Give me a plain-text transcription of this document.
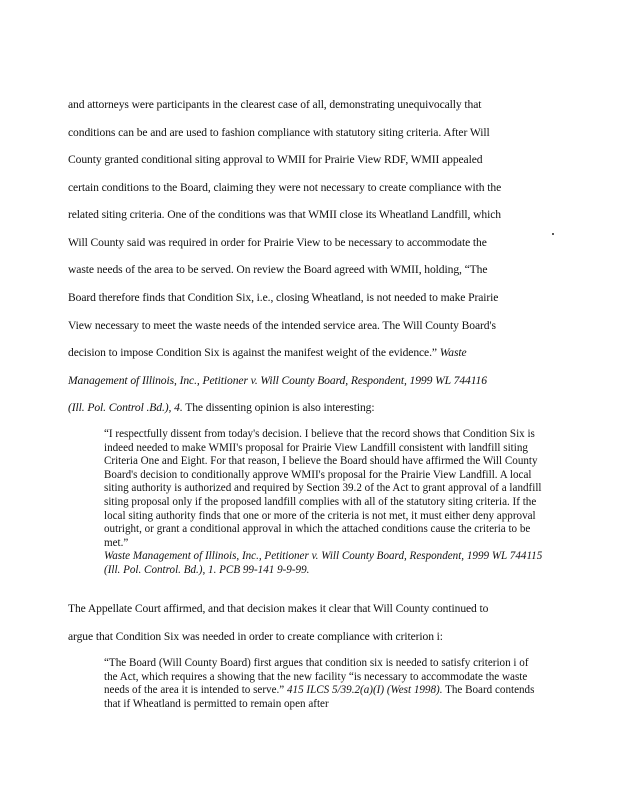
and attorneys were participants in the clearest case of all, demonstrating unequivocally that
conditions can be and are used to fashion compliance with statutory siting criteria. After Will
County granted conditional siting approval to WMII for Prairie View RDF, WMII appealed
certain conditions to the Board, claiming they were not necessary to create compliance with the
related siting criteria. One of the conditions was that WMII close its Wheatland Landfill, which
Will County said was required in order for Prairie View to be necessary to accommodate the
waste needs of the area to be served. On review the Board agreed with WMII, holding, “The
Board therefore finds that Condition Six, i.e., closing Wheatland, is not needed to make Prairie
View necessary to meet the waste needs of the intended service area. The Will County Board's
decision to impose Condition Six is against the manifest weight of the evidence.” Waste
Management of Illinois, Inc., Petitioner v. Will County Board, Respondent, 1999 WL 744116
(Ill. Pol. Control .Bd.), 4. The dissenting opinion is also interesting:

“I respectfully dissent from today's decision. I believe that the record shows that Condition Six is indeed needed to make WMII's proposal for Prairie View Landfill consistent with landfill siting Criteria One and Eight. For that reason, I believe the Board should have affirmed the Will County Board's decision to conditionally approve WMII's proposal for the Prairie View Landfill. A local siting authority is authorized and required by Section 39.2 of the Act to grant approval of a landfill siting proposal only if the proposed landfill complies with all of the statutory siting criteria. If the local siting authority finds that one or more of the criteria is not met, it must either deny approval outright, or grant a conditional approval in which the attached conditions cause the criteria to be met.”

Waste Management of Illinois, Inc., Petitioner v. Will County Board, Respondent, 1999 WL 744115 (Ill. Pol. Control. Bd.), 1. PCB 99-141 9-9-99.

The Appellate Court affirmed, and that decision makes it clear that Will County continued to
argue that Condition Six was needed in order to create compliance with criterion i:

“The Board (Will County Board) first argues that condition six is needed to satisfy criterion i of the Act, which requires a showing that the new facility “is necessary to accommodate the waste needs of the area it is intended to serve.” 415 ILCS 5/39.2(a)(I) (West 1998). The Board contends that if Wheatland is permitted to remain open after
